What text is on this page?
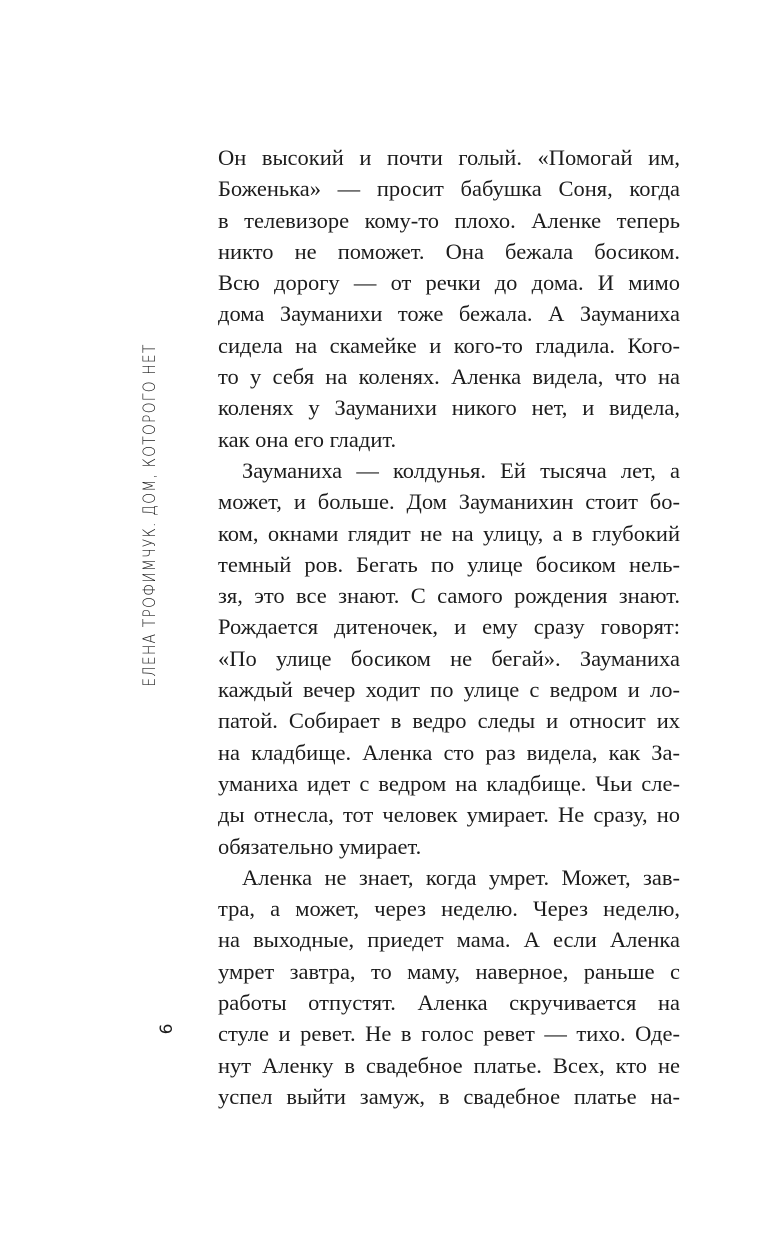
ЕЛЕНА ТРОФИМЧУК. ДОМ, КОТОРОГО НЕТ
6
Он высокий и почти голый. «Помогай им,
Боженька» — просит бабушка Соня, когда
в телевизоре кому-то плохо. Аленке теперь
никто не поможет. Она бежала босиком.
Всю дорогу — от речки до дома. И мимо
дома Зауманихи тоже бежала. А Зауманиха
сидела на скамейке и кого-то гладила. Кого-
то у себя на коленях. Аленка видела, что на
коленях у Зауманихи никого нет, и видела,
как она его гладит.
Зауманиха — колдунья. Ей тысяча лет, а
может, и больше. Дом Зауманихин стоит бо-
ком, окнами глядит не на улицу, а в глубокий
темный ров. Бегать по улице босиком нель-
зя, это все знают. С самого рождения знают.
Рождается дитеночек, и ему сразу говорят:
«По улице босиком не бегай». Зауманиха
каждый вечер ходит по улице с ведром и ло-
патой. Собирает в ведро следы и относит их
на кладбище. Аленка сто раз видела, как За-
уманиха идет с ведром на кладбище. Чьи сле-
ды отнесла, тот человек умирает. Не сразу, но
обязательно умирает.
Аленка не знает, когда умрет. Может, зав-
тра, а может, через неделю. Через неделю,
на выходные, приедет мама. А если Аленка
умрет завтра, то маму, наверное, раньше с
работы отпустят. Аленка скручивается на
стуле и ревет. Не в голос ревет — тихо. Оде-
нут Аленку в свадебное платье. Всех, кто не
успел выйти замуж, в свадебное платье на-
